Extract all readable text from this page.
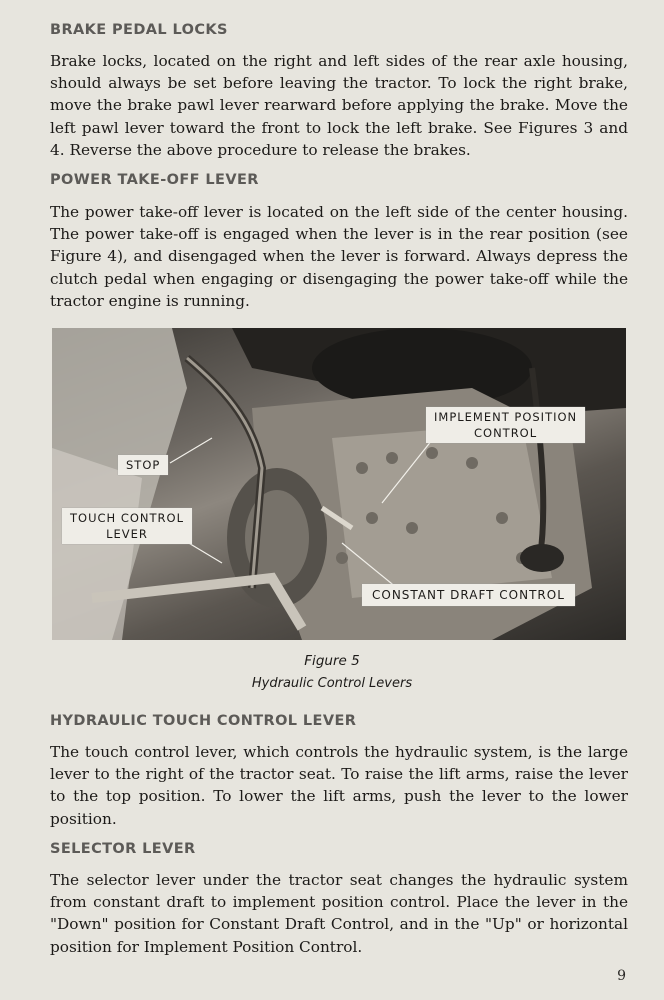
BRAKE PEDAL LOCKS

Brake locks, located on the right and left sides of the rear axle housing, should always be set before leaving the tractor. To lock the right brake, move the brake pawl lever rearward before applying the brake. Move the left pawl lever toward the front to lock the left brake. See Figures 3 and 4. Reverse the above procedure to release the brakes.

POWER TAKE-OFF LEVER

The power take-off lever is located on the left side of the center housing. The power take-off is engaged when the lever is in the rear position (see Figure 4), and disengaged when the lever is forward. Always depress the clutch pedal when engaging or disengaging the power take-off while the tractor engine is running.

STOP
TOUCH CONTROL
LEVER
IMPLEMENT POSITION
CONTROL
CONSTANT DRAFT CONTROL

Figure 5

Hydraulic Control Levers

HYDRAULIC TOUCH CONTROL LEVER

The touch control lever, which controls the hydraulic system, is the large lever to the right of the tractor seat. To raise the lift arms, raise the lever to the top position. To lower the lift arms, push the lever to the lower position.

SELECTOR LEVER

The selector lever under the tractor seat changes the hydraulic system from constant draft to implement position control. Place the lever in the "Down" position for Constant Draft Control, and in the "Up" or horizontal position for Implement Position Control.

9
